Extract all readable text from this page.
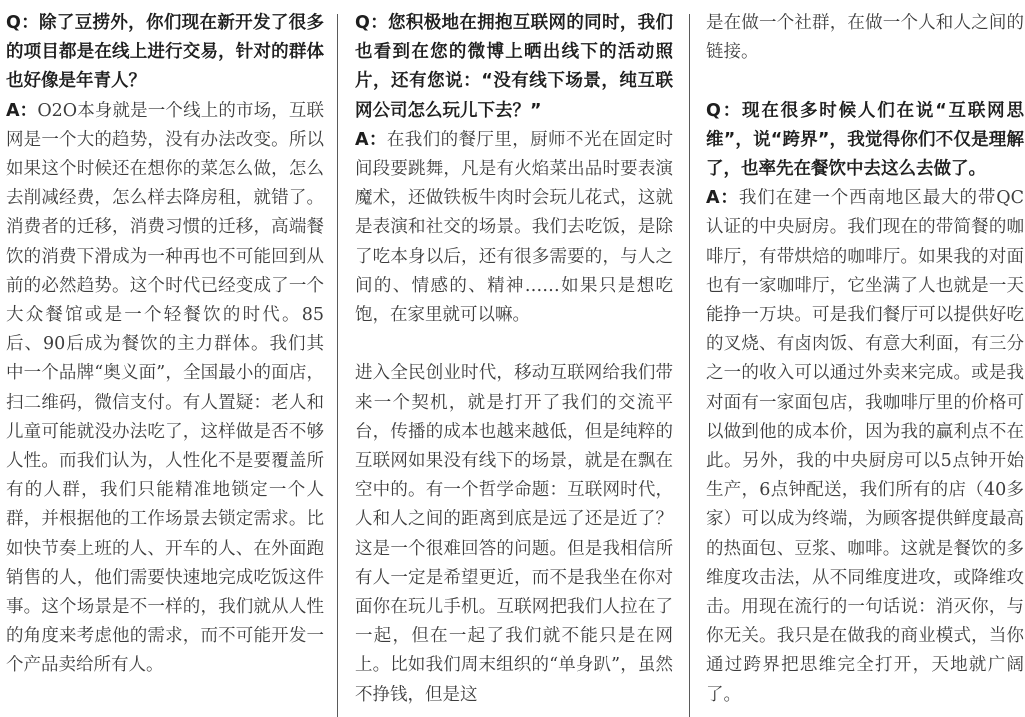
Q：除了豆捞外，你们现在新开发了很多的项目都是在线上进行交易，针对的群体也好像是年青人？

A：O2O本身就是一个线上的市场，互联网是一个大的趋势，没有办法改变。所以如果这个时候还在想你的菜怎么做，怎么去削减经费，怎么样去降房租，就错了。消费者的迁移，消费习惯的迁移，高端餐饮的消费下滑成为一种再也不可能回到从前的必然趋势。这个时代已经变成了一个大众餐馆或是一个轻餐饮的时代。85后、90后成为餐饮的主力群体。我们其中一个品牌“奥义面”，全国最小的面店，扫二维码，微信支付。有人置疑：老人和儿童可能就没办法吃了，这样做是否不够人性。而我们认为，人性化不是要覆盖所有的人群，我们只能精准地锁定一个人群，并根据他的工作场景去锁定需求。比如快节奏上班的人、开车的人、在外面跑销售的人，他们需要快速地完成吃饭这件事。这个场景是不一样的，我们就从人性的角度来考虑他的需求，而不可能开发一个产品卖给所有人。

Q：您积极地在拥抱互联网的同时，我们也看到在您的微博上晒出线下的活动照片，还有您说：“没有线下场景，纯互联网公司怎么玩儿下去？”

A：在我们的餐厅里，厨师不光在固定时间段要跳舞，凡是有火焰菜出品时要表演魔术，还做铁板牛肉时会玩儿花式，这就是表演和社交的场景。我们去吃饭，是除了吃本身以后，还有很多需要的，与人之间的、情感的、精神……如果只是想吃饱，在家里就可以嘛。

进入全民创业时代，移动互联网给我们带来一个契机，就是打开了我们的交流平台，传播的成本也越来越低，但是纯粹的互联网如果没有线下的场景，就是在飘在空中的。有一个哲学命题：互联网时代，人和人之间的距离到底是远了还是近了？这是一个很难回答的问题。但是我相信所有人一定是希望更近，而不是我坐在你对面你在玩儿手机。互联网把我们人拉在了一起，但在一起了我们就不能只是在网上。比如我们周末组织的“单身趴”，虽然不挣钱，但是这

是在做一个社群，在做一个人和人之间的链接。

Q：现在很多时候人们在说“互联网思维”，说“跨界”，我觉得你们不仅是理解了，也率先在餐饮中去这么去做了。

A：我们在建一个西南地区最大的带QC认证的中央厨房。我们现在的带简餐的咖啡厅，有带烘焙的咖啡厅。如果我的对面也有一家咖啡厅，它坐满了人也就是一天能挣一万块。可是我们餐厅可以提供好吃的叉烧、有卤肉饭、有意大利面，有三分之一的收入可以通过外卖来完成。或是我对面有一家面包店，我咖啡厅里的价格可以做到他的成本价，因为我的赢利点不在此。另外，我的中央厨房可以5点钟开始生产，6点钟配送，我们所有的店（40多家）可以成为终端，为顾客提供鲜度最高的热面包、豆浆、咖啡。这就是餐饮的多维度攻击法，从不同维度进攻，或降维攻击。用现在流行的一句话说：消灭你，与你无关。我只是在做我的商业模式，当你通过跨界把思维完全打开，天地就广阔了。
